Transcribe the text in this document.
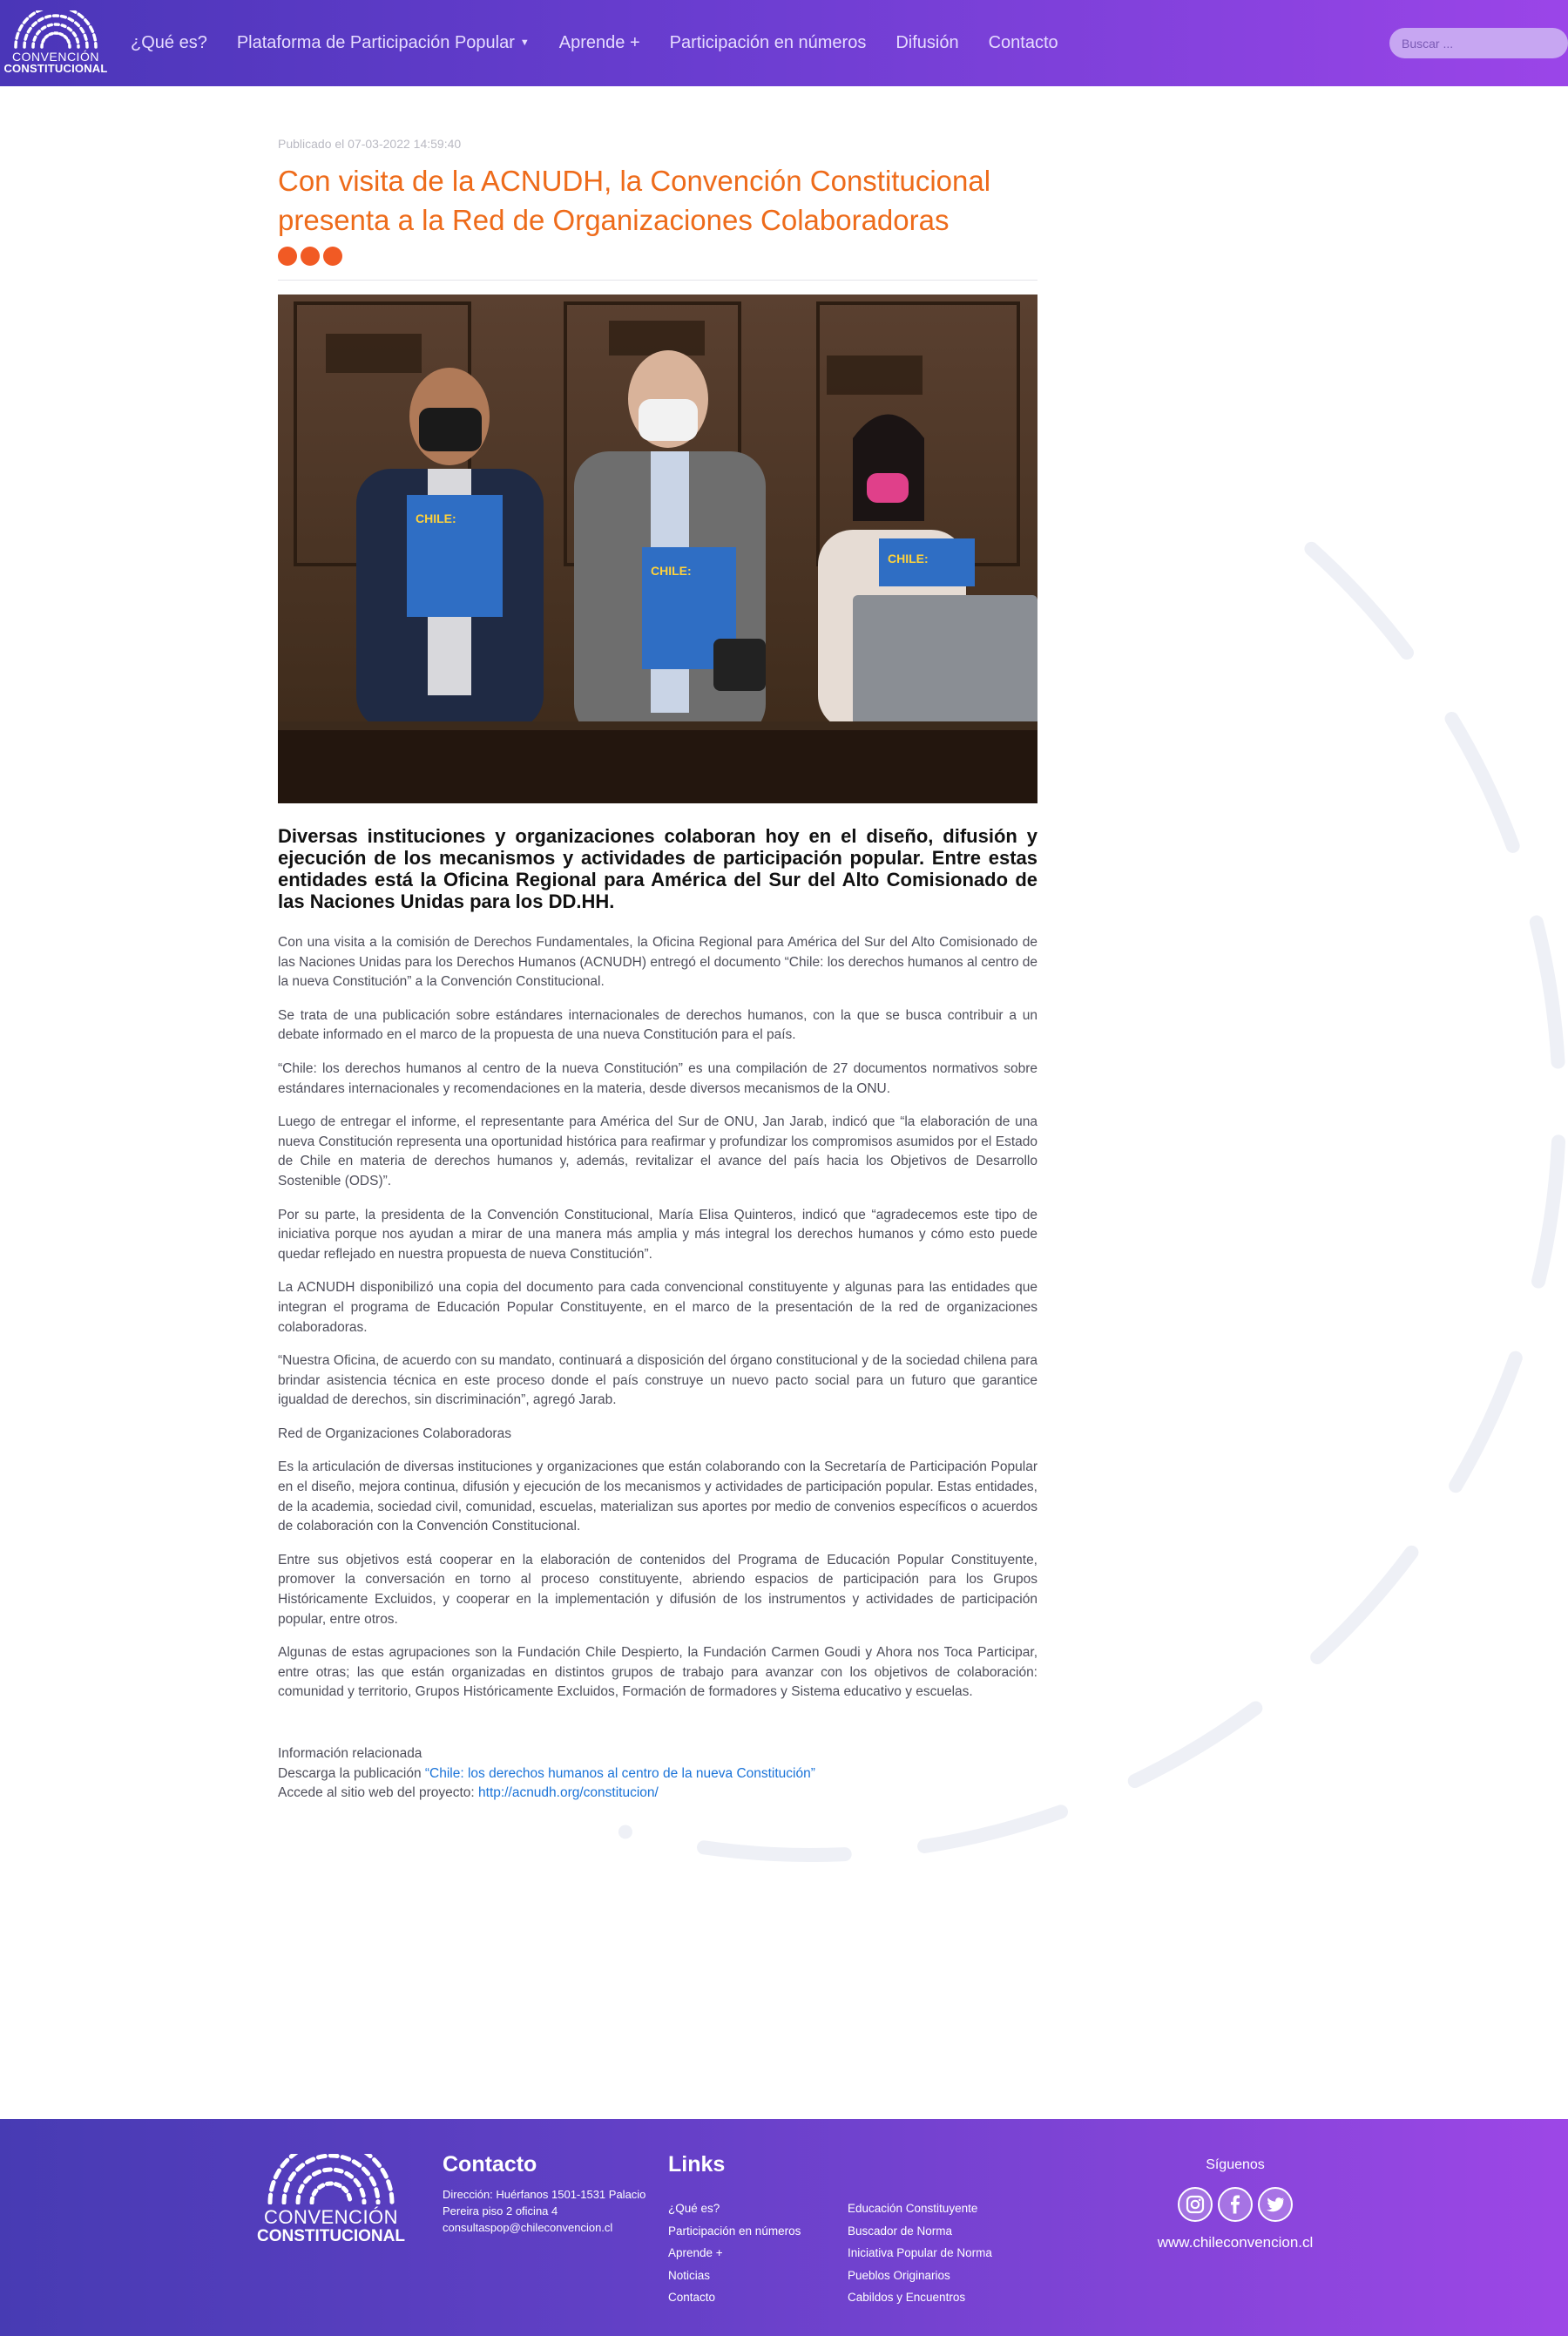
CONVENCIÓN
CONSTITUCIONAL
¿Qué es? Plataforma de Participación Popular ▼ Aprende + Participación en números Difusión Contacto
Buscar ...
Publicado el 07-03-2022 14:59:40
Con visita de la ACNUDH, la Convención Constitucional presenta a la Red de Organizaciones Colaboradoras
CHILE:
CHILE:
CHILE:

Diversas instituciones y organizaciones colaboran hoy en el diseño, difusión y ejecución de los mecanismos y actividades de participación popular. Entre estas entidades está la Oficina Regional para América del Sur del Alto Comisionado de las Naciones Unidas para los DD.HH.

Con una visita a la comisión de Derechos Fundamentales, la Oficina Regional para América del Sur del Alto Comisionado de las Naciones Unidas para los Derechos Humanos (ACNUDH) entregó el documento “Chile: los derechos humanos al centro de la nueva Constitución” a la Convención Constitucional.

Se trata de una publicación sobre estándares internacionales de derechos humanos, con la que se busca contribuir a un debate informado en el marco de la propuesta de una nueva Constitución para el país.

“Chile: los derechos humanos al centro de la nueva Constitución” es una compilación de 27 documentos normativos sobre estándares internacionales y recomendaciones en la materia, desde diversos mecanismos de la ONU.

Luego de entregar el informe, el representante para América del Sur de ONU, Jan Jarab, indicó que “la elaboración de una nueva Constitución representa una oportunidad histórica para reafirmar y profundizar los compromisos asumidos por el Estado de Chile en materia de derechos humanos y, además, revitalizar el avance del país hacia los Objetivos de Desarrollo Sostenible (ODS)”.

Por su parte, la presidenta de la Convención Constitucional, María Elisa Quinteros, indicó que “agradecemos este tipo de iniciativa porque nos ayudan a mirar de una manera más amplia y más integral los derechos humanos y cómo esto puede quedar reflejado en nuestra propuesta de nueva Constitución”.

La ACNUDH disponibilizó una copia del documento para cada convencional constituyente y algunas para las entidades que integran el programa de Educación Popular Constituyente, en el marco de la presentación de la red de organizaciones colaboradoras.

“Nuestra Oficina, de acuerdo con su mandato, continuará a disposición del órgano constitucional y de la sociedad chilena para brindar asistencia técnica en este proceso donde el país construye un nuevo pacto social para un futuro que garantice igualdad de derechos, sin discriminación”, agregó Jarab.

Red de Organizaciones Colaboradoras

Es la articulación de diversas instituciones y organizaciones que están colaborando con la Secretaría de Participación Popular en el diseño, mejora continua, difusión y ejecución de los mecanismos y actividades de participación popular. Estas entidades, de la academia, sociedad civil, comunidad, escuelas, materializan sus aportes por medio de convenios específicos o acuerdos de colaboración con la Convención Constitucional.

Entre sus objetivos está cooperar en la elaboración de contenidos del Programa de Educación Popular Constituyente, promover la conversación en torno al proceso constituyente, abriendo espacios de participación para los Grupos Históricamente Excluidos, y cooperar en la implementación y difusión de los instrumentos y actividades de participación popular, entre otros.

Algunas de estas agrupaciones son la Fundación Chile Despierto, la Fundación Carmen Goudi y Ahora nos Toca Participar, entre otras; las que están organizadas en distintos grupos de trabajo para avanzar con los objetivos de colaboración: comunidad y territorio, Grupos Históricamente Excluidos, Formación de formadores y Sistema educativo y escuelas.

Información relacionada
Descarga la publicación “Chile: los derechos humanos al centro de la nueva Constitución”
Accede al sitio web del proyecto: http://acnudh.org/constitucion/
CONVENCIÓN
CONSTITUCIONAL
Contacto
Dirección: Huérfanos 1501-1531 Palacio
Pereira piso 2 oficina 4
consultaspop@chileconvencion.cl
Links
¿Qué es?
Participación en números
Aprende +
Noticias
Contacto
Educación Constituyente
Buscador de Norma
Iniciativa Popular de Norma
Pueblos Originarios
Cabildos y Encuentros
Síguenos
www.chileconvencion.cl
